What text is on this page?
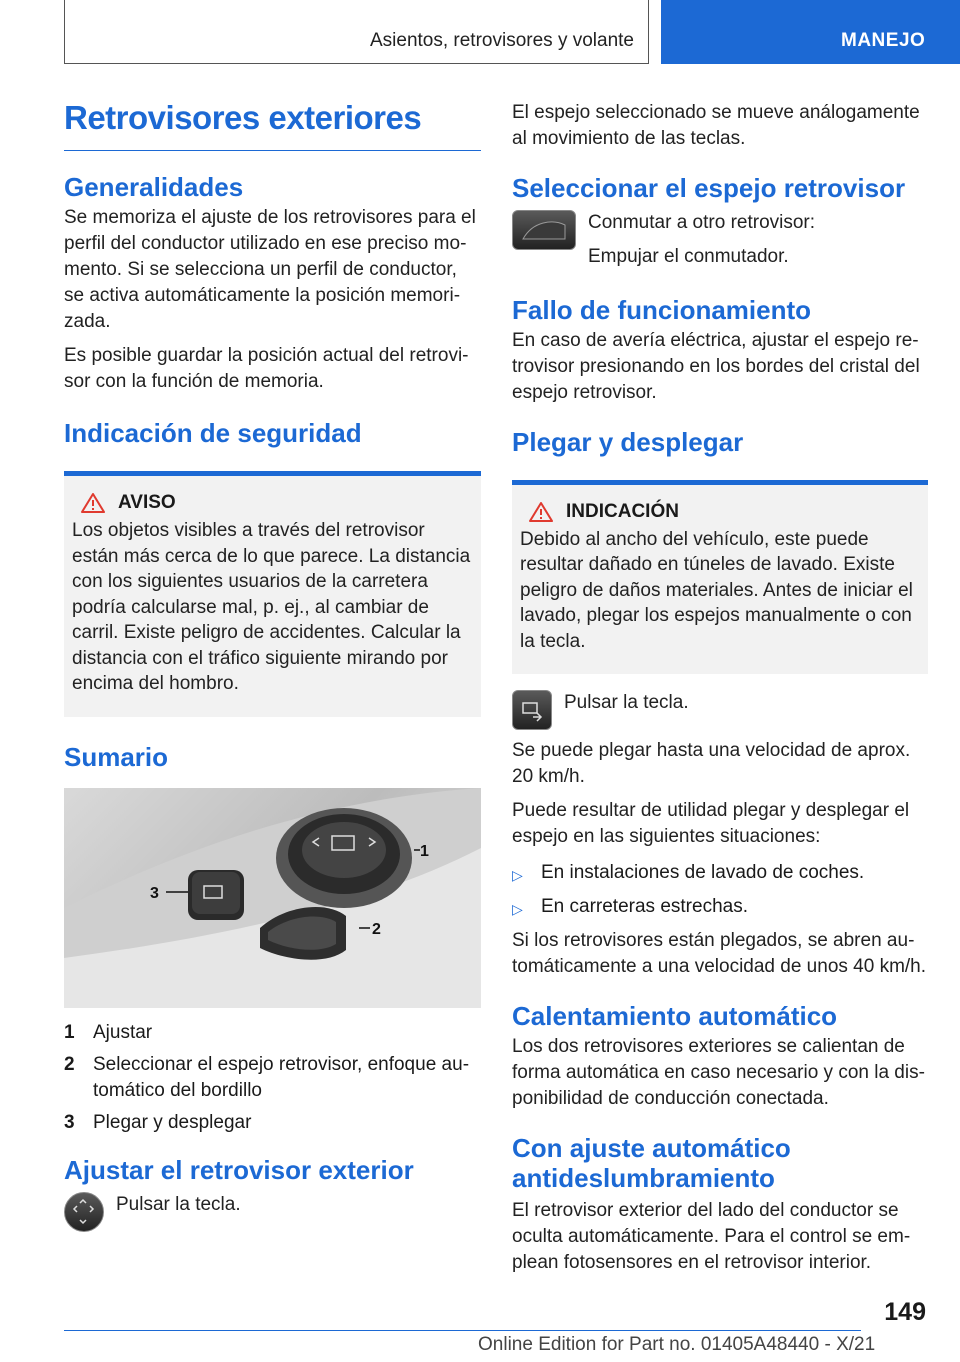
Asientos, retrovisores y volante	MANEJO
Retrovisores exteriores
Generalidades

Se memoriza el ajuste de los retrovisores para el perfil del conductor utilizado en ese preciso momento. Si se selecciona un perfil de conductor, se activa automáticamente la posición memorizada.

Es posible guardar la posición actual del retrovisor con la función de memoria.

Indicación de seguridad
AVISO

Los objetos visibles a través del retrovisor están más cerca de lo que parece. La distancia con los siguientes usuarios de la carretera podría calcularse mal, p. ej., al cambiar de carril. Existe peligro de accidentes. Calcular la distancia con el tráfico siguiente mirando por encima del hombro.

Sumario
1
2
3
1 Ajustar
2 Seleccionar el espejo retrovisor, enfoque automático del bordillo
3 Plegar y desplegar
Ajustar el retrovisor exterior

Pulsar la tecla.

El espejo seleccionado se mueve análogamente al movimiento de las teclas.

Seleccionar el espejo retrovisor

Conmutar a otro retrovisor:

Empujar el conmutador.

Fallo de funcionamiento

En caso de avería eléctrica, ajustar el espejo retrovisor presionando en los bordes del cristal del espejo retrovisor.

Plegar y desplegar
INDICACIÓN

Debido al ancho del vehículo, este puede resultar dañado en túneles de lavado. Existe peligro de daños materiales. Antes de iniciar el lavado, plegar los espejos manualmente o con la tecla.

Pulsar la tecla.

Se puede plegar hasta una velocidad de aprox. 20 km/h.

Puede resultar de utilidad plegar y desplegar el espejo en las siguientes situaciones:

▷ En instalaciones de lavado de coches.
▷ En carreteras estrechas.

Si los retrovisores están plegados, se abren automáticamente a una velocidad de unos 40 km/h.

Calentamiento automático

Los dos retrovisores exteriores se calientan de forma automática en caso necesario y con la disponibilidad de conducción conectada.

Con ajuste automático antideslumbramiento

El retrovisor exterior del lado del conductor se oculta automáticamente. Para el control se emplean fotosensores en el retrovisor interior.

149
Online Edition for Part no. 01405A48440 - X/21
